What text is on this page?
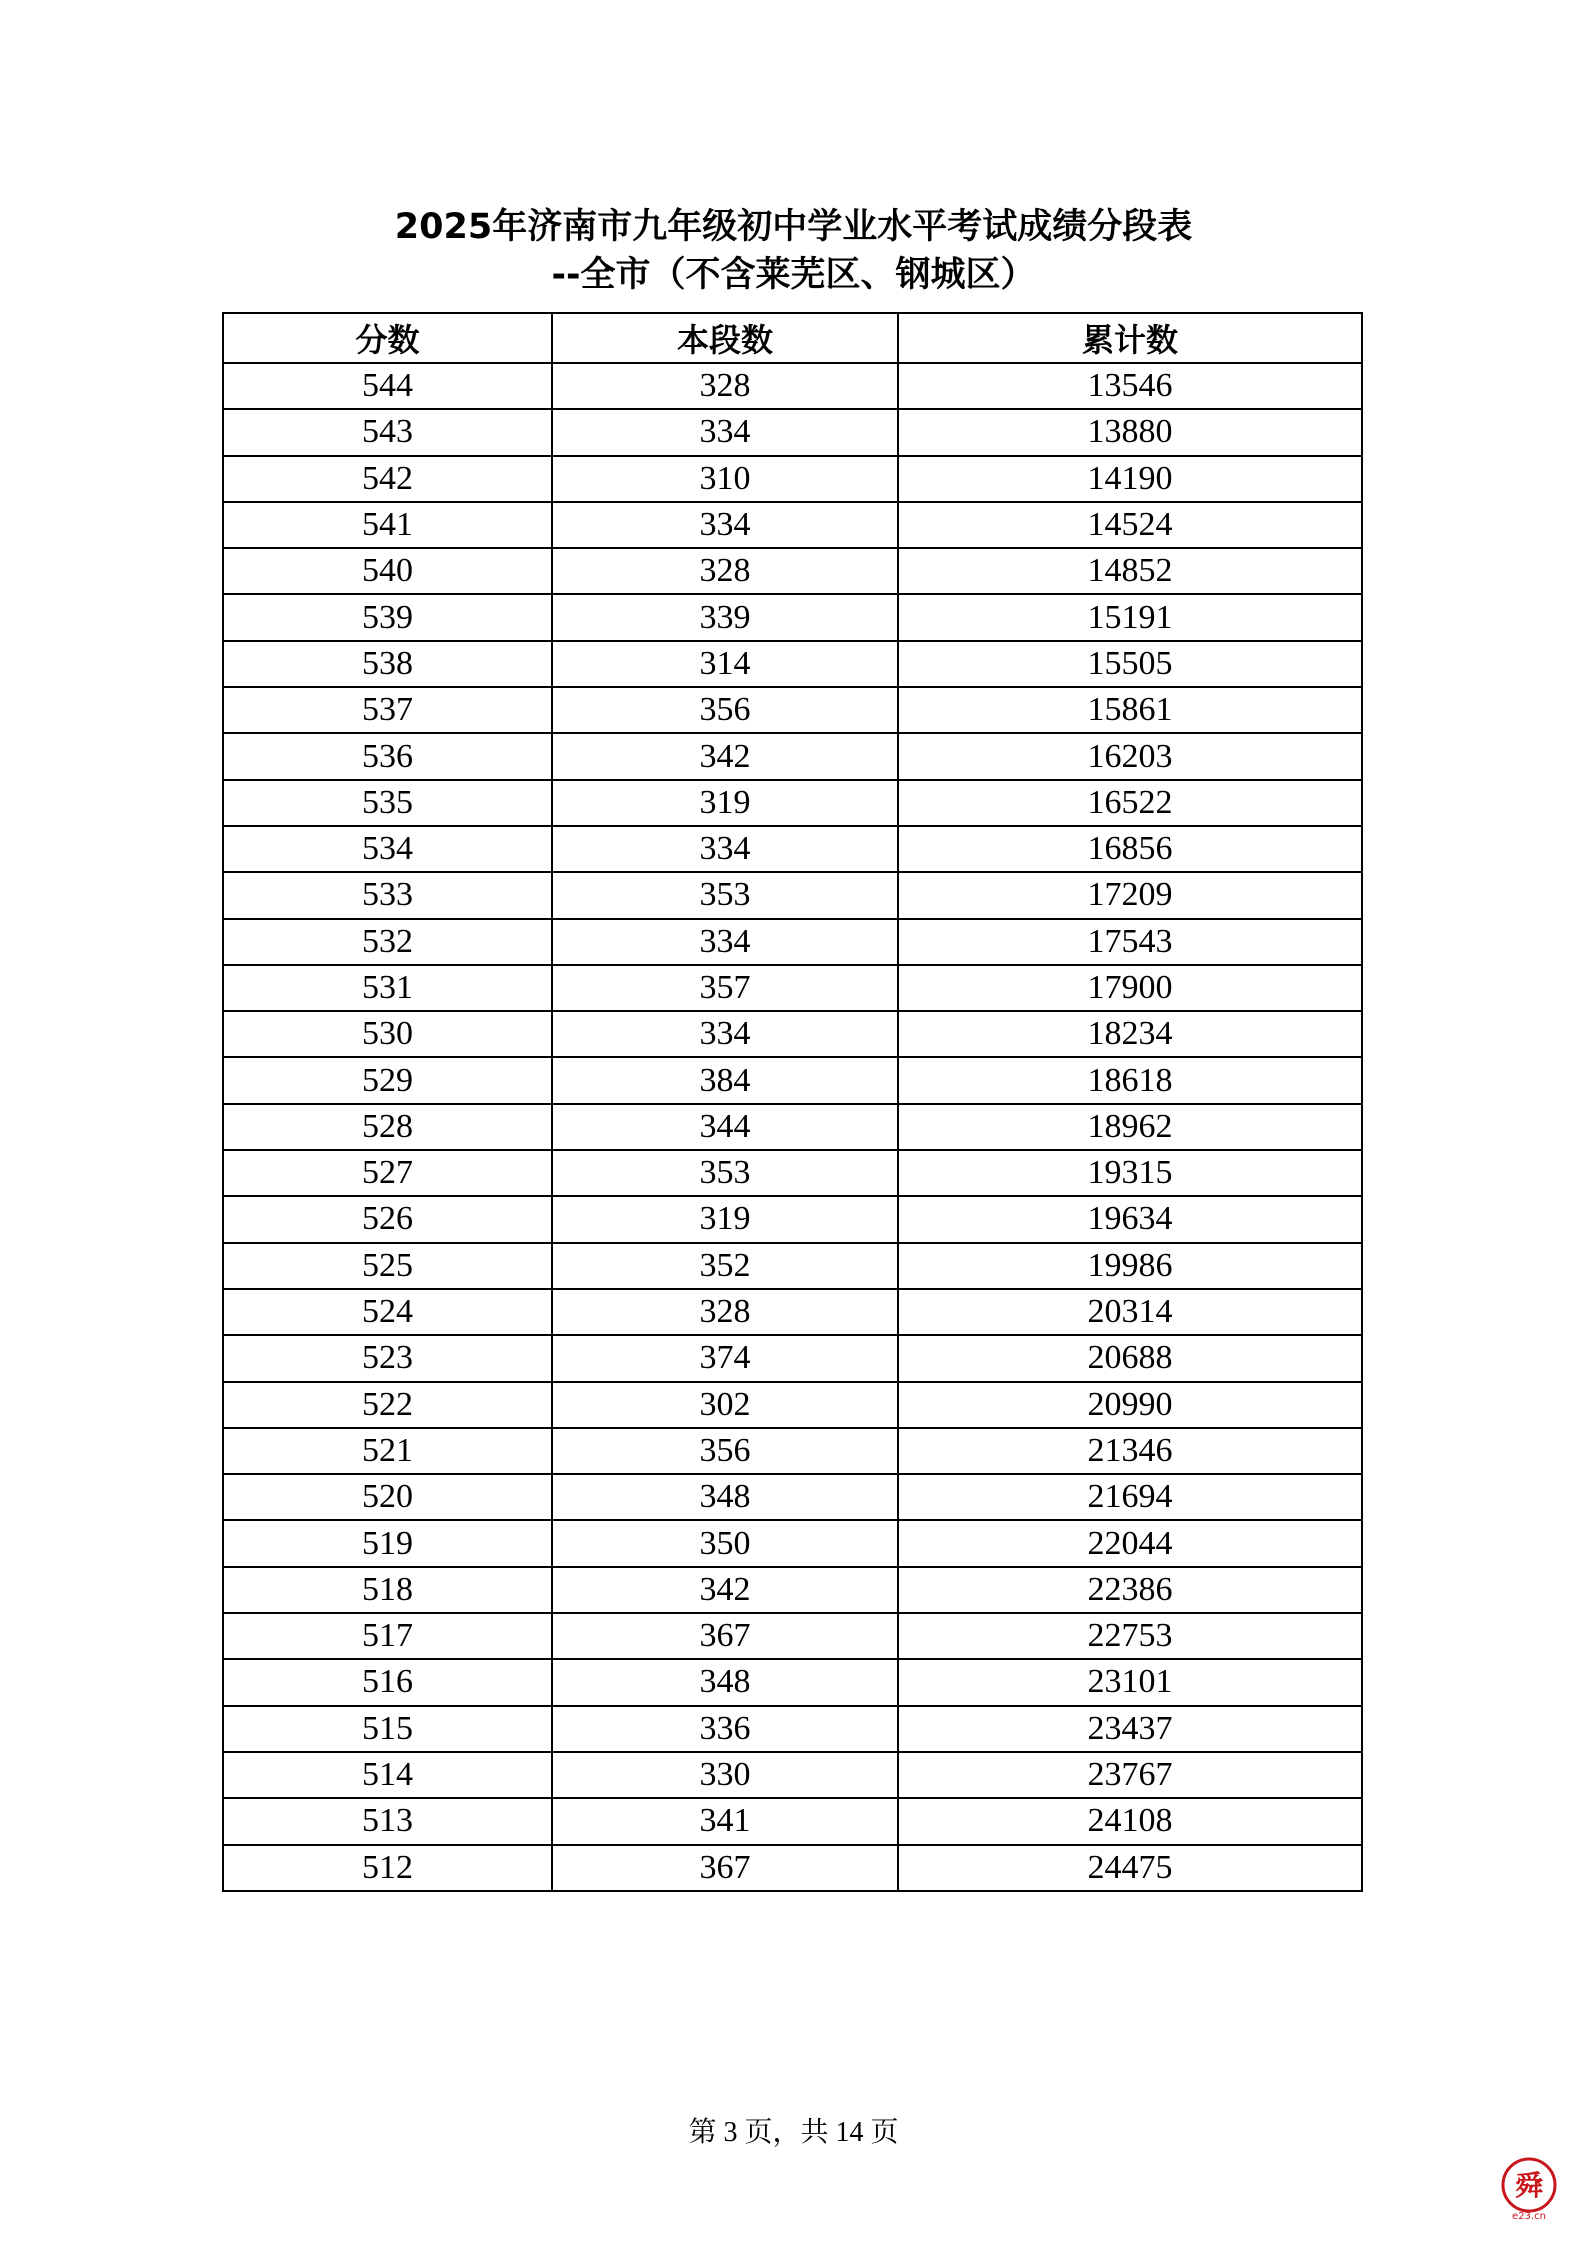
2025年济南市九年级初中学业水平考试成绩分段表
--全市（不含莱芜区、钢城区）
分数	本段数	累计数
544	328	13546
543	334	13880
542	310	14190
541	334	14524
540	328	14852
539	339	15191
538	314	15505
537	356	15861
536	342	16203
535	319	16522
534	334	16856
533	353	17209
532	334	17543
531	357	17900
530	334	18234
529	384	18618
528	344	18962
527	353	19315
526	319	19634
525	352	19986
524	328	20314
523	374	20688
522	302	20990
521	356	21346
520	348	21694
519	350	22044
518	342	22386
517	367	22753
516	348	23101
515	336	23437
514	330	23767
513	341	24108
512	367	24475
第 3 页，共 14 页
舜
e23.cn
